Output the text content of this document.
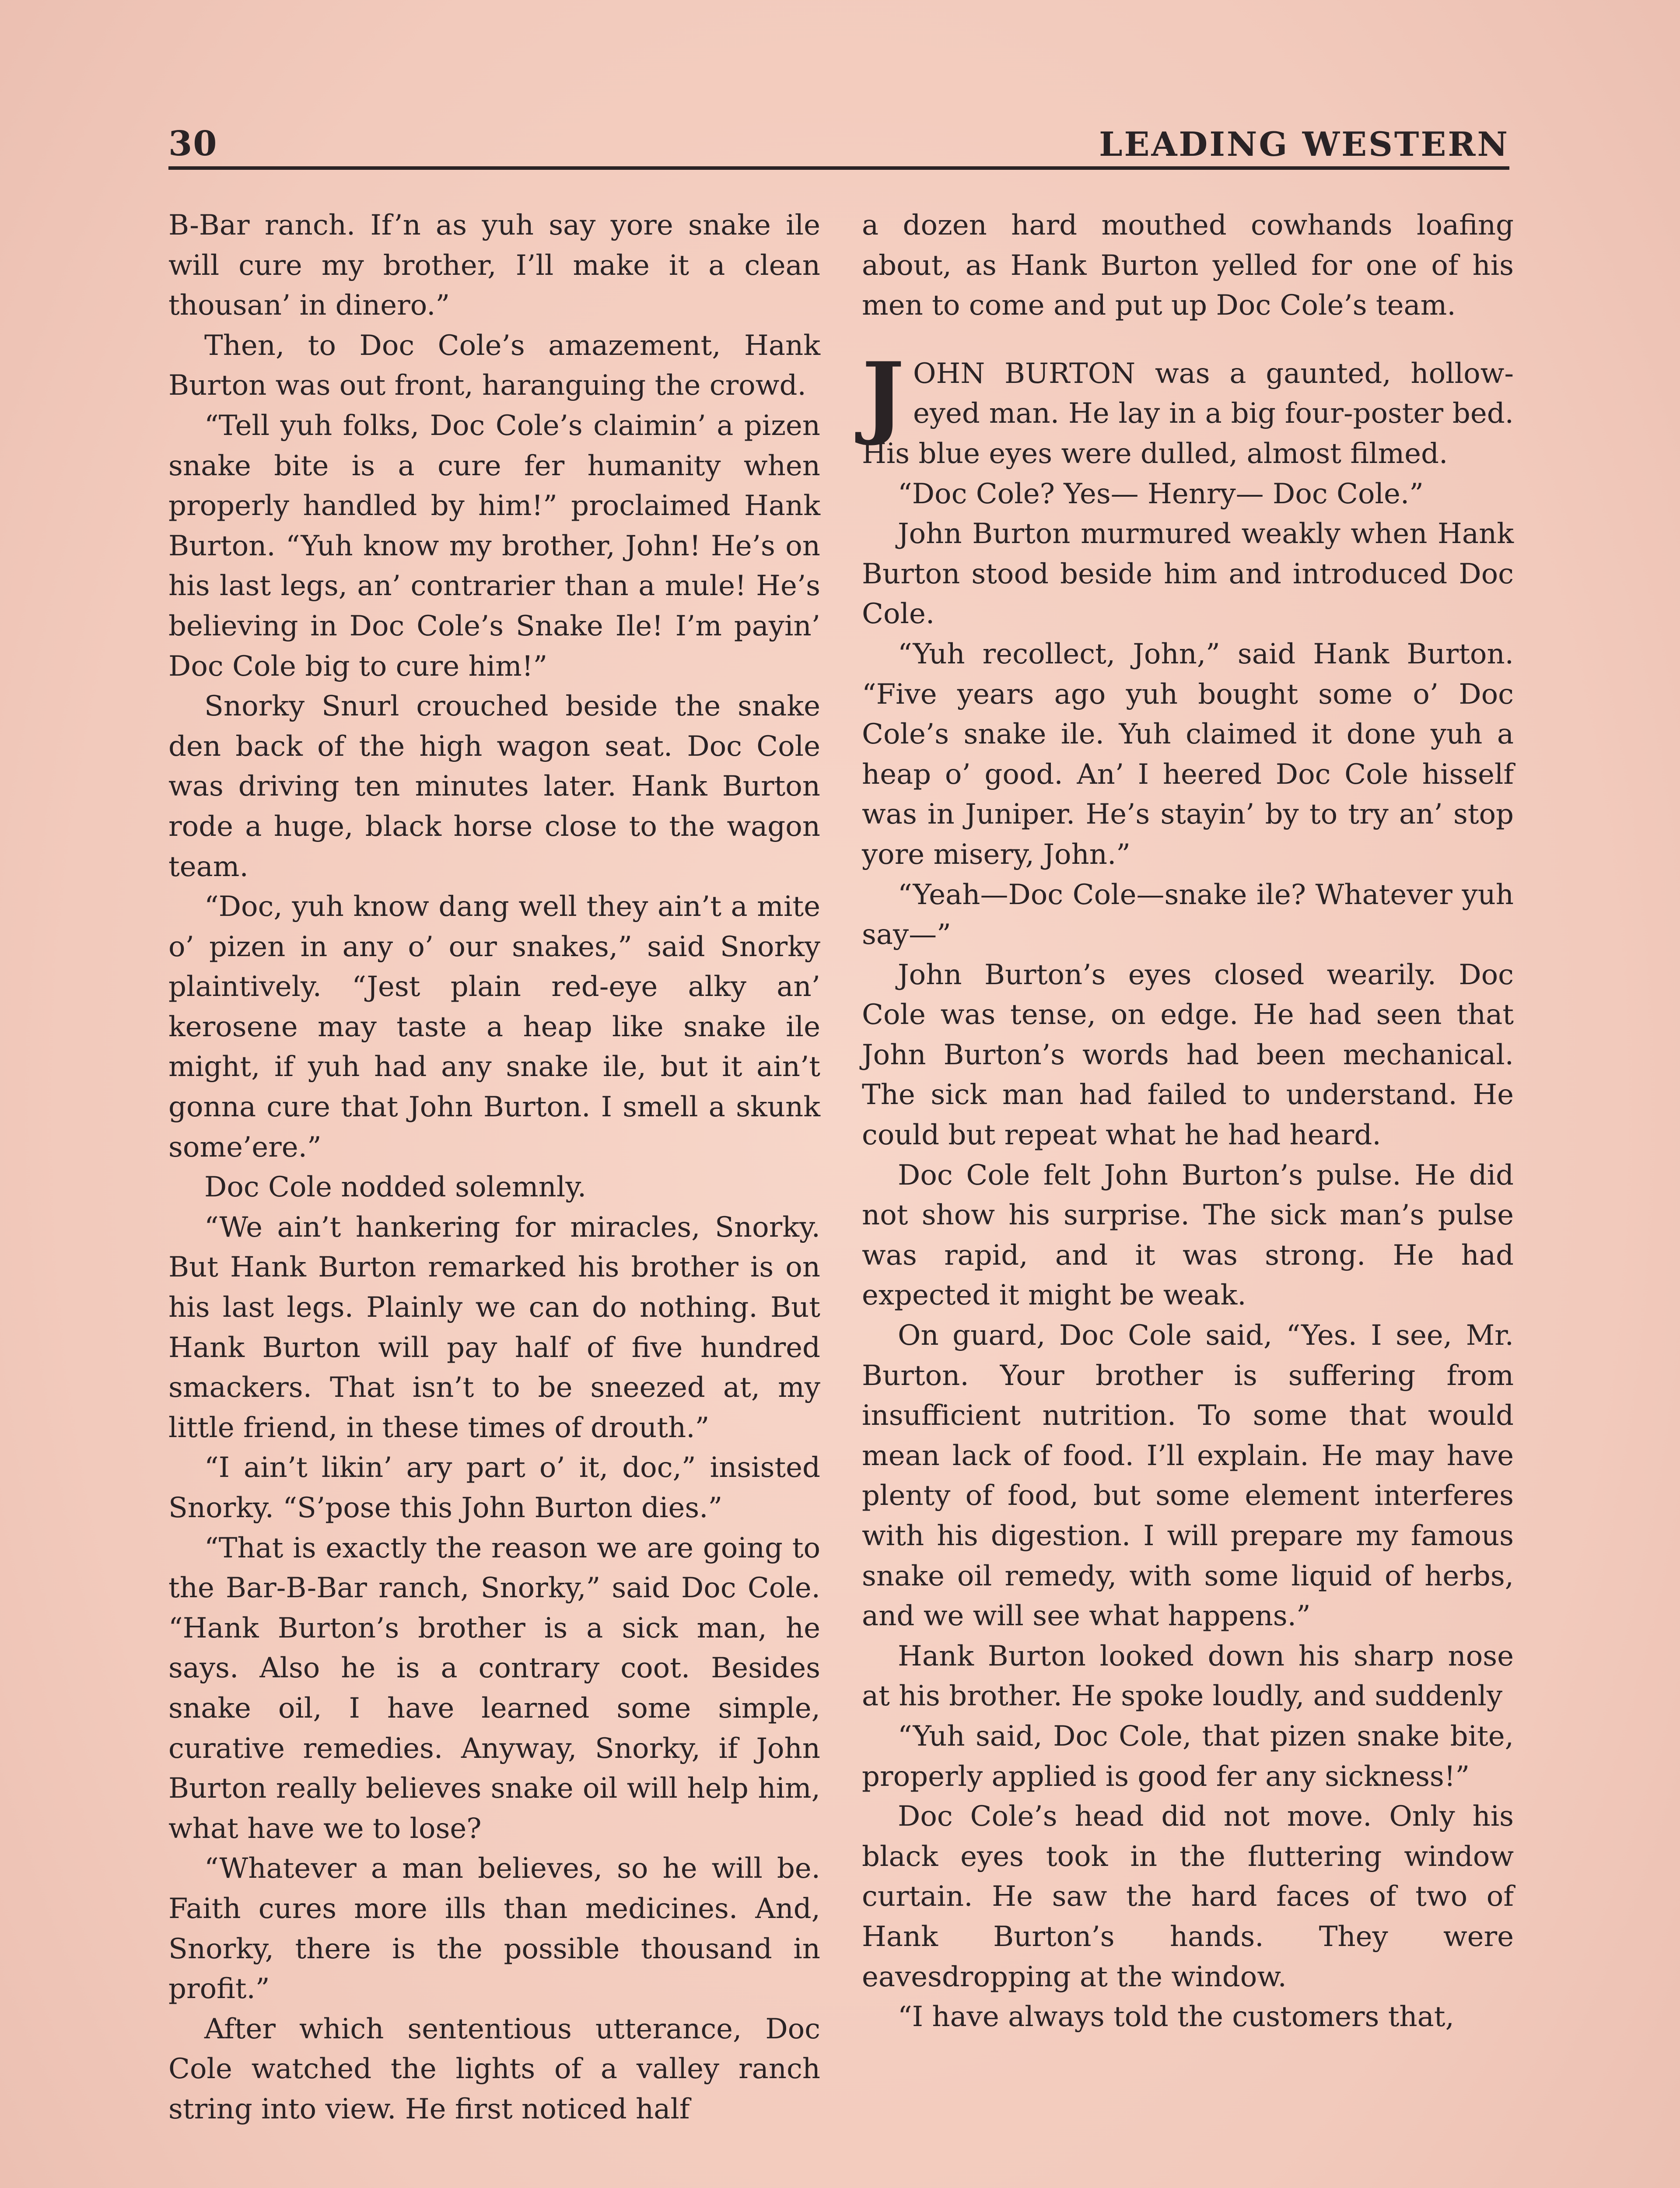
30	LEADING WESTERN

B-Bar ranch. If’n as yuh say yore snake ile will cure my brother, I’ll make it a clean thousan’ in dinero.”

Then, to Doc Cole’s amazement, Hank Burton was out front, haranguing the crowd.

“Tell yuh folks, Doc Cole’s claimin’ a pizen snake bite is a cure fer humanity when properly handled by him!” proclaimed Hank Burton. “Yuh know my brother, John! He’s on his last legs, an’ contrarier than a mule! He’s believing in Doc Cole’s Snake Ile! I’m payin’ Doc Cole big to cure him!”

Snorky Snurl crouched beside the snake den back of the high wagon seat. Doc Cole was driving ten minutes later. Hank Burton rode a huge, black horse close to the wagon team.

“Doc, yuh know dang well they ain’t a mite o’ pizen in any o’ our snakes,” said Snorky plaintively. “Jest plain red-eye alky an’ kerosene may taste a heap like snake ile might, if yuh had any snake ile, but it ain’t gonna cure that John Burton. I smell a skunk some’ere.”

Doc Cole nodded solemnly.

“We ain’t hankering for miracles, Snorky. But Hank Burton remarked his brother is on his last legs. Plainly we can do nothing. But Hank Burton will pay half of five hundred smackers. That isn’t to be sneezed at, my little friend, in these times of drouth.”

“I ain’t likin’ ary part o’ it, doc,” insisted Snorky. “S’pose this John Burton dies.”

“That is exactly the reason we are going to the Bar-B-Bar ranch, Snorky,” said Doc Cole. “Hank Burton’s brother is a sick man, he says. Also he is a contrary coot. Besides snake oil, I have learned some simple, curative remedies. Anyway, Snorky, if John Burton really believes snake oil will help him, what have we to lose?

“Whatever a man believes, so he will be. Faith cures more ills than medicines. And, Snorky, there is the possible thousand in profit.”

After which sententious utterance, Doc Cole watched the lights of a valley ranch string into view. He first noticed half

a dozen hard mouthed cowhands loafing about, as Hank Burton yelled for one of his men to come and put up Doc Cole’s team.

JOHN BURTON was a gaunted, hollow-eyed man. He lay in a big four-poster bed. His blue eyes were dulled, almost filmed.

“Doc Cole? Yes— Henry— Doc Cole.”

John Burton murmured weakly when Hank Burton stood beside him and introduced Doc Cole.

“Yuh recollect, John,” said Hank Burton. “Five years ago yuh bought some o’ Doc Cole’s snake ile. Yuh claimed it done yuh a heap o’ good. An’ I heered Doc Cole hisself was in Juniper. He’s stayin’ by to try an’ stop yore misery, John.”

“Yeah—Doc Cole—snake ile? Whatever yuh say—”

John Burton’s eyes closed wearily. Doc Cole was tense, on edge. He had seen that John Burton’s words had been mechanical. The sick man had failed to understand. He could but repeat what he had heard.

Doc Cole felt John Burton’s pulse. He did not show his surprise. The sick man’s pulse was rapid, and it was strong. He had expected it might be weak.

On guard, Doc Cole said, “Yes. I see, Mr. Burton. Your brother is suffering from insufficient nutrition. To some that would mean lack of food. I’ll explain. He may have plenty of food, but some element interferes with his digestion. I will prepare my famous snake oil remedy, with some liquid of herbs, and we will see what happens.”

Hank Burton looked down his sharp nose at his brother. He spoke loudly, and suddenly

“Yuh said, Doc Cole, that pizen snake bite, properly applied is good fer any sickness!”

Doc Cole’s head did not move. Only his black eyes took in the fluttering window curtain. He saw the hard faces of two of Hank Burton’s hands. They were eavesdropping at the window.

“I have always told the customers that,
